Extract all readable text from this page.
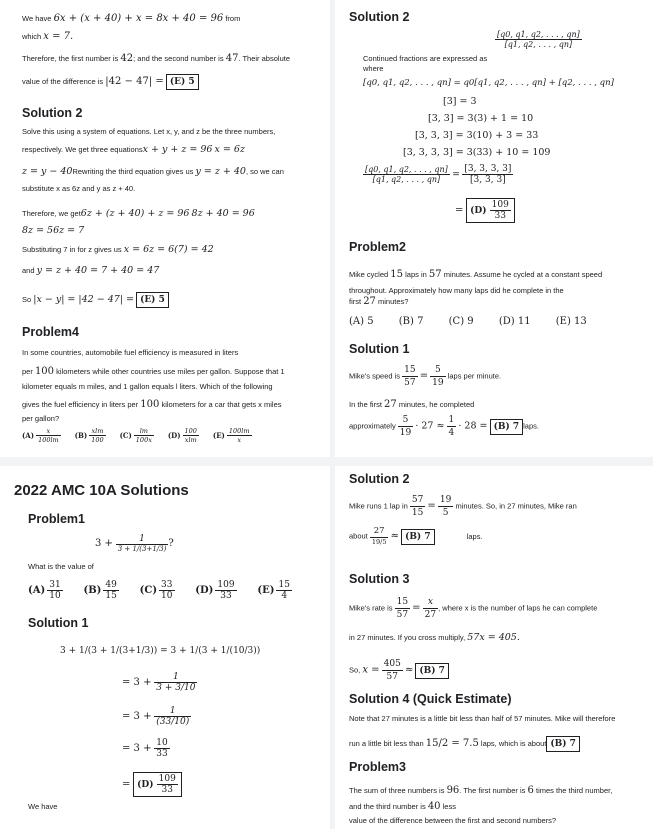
We have 6x + (x + 40) + x = 8x + 40 = 96 from
which x = 7.
Therefore, the first number is 42; and the second number is 47. Their absolute
value of the difference is |42 − 47| = (E) 5
Solution 2
Solve this using a system of equations. Let x, y, and z be the three numbers,
respectively. We get three equationsx + y + z = 96 x = 6z
z = y − 40Rewriting the third equation gives us y = z + 40, so we can
substitute x as 6z and y as z + 40.
Therefore, we get6z + (z + 40) + z = 96 8z + 40 = 96
8z = 56z = 7
Substituting 7 in for z gives us x = 6z = 6(7) = 42
and y = z + 40 = 7 + 40 = 47
So |x − y| = |42 − 47| = (E) 5
Problem4
In some countries, automobile fuel efficiency is measured in liters
per 100 kilometers while other countries use miles per gallon. Suppose that 1
kilometer equals m miles, and 1 gallon equals l liters. Which of the following
gives the fuel efficiency in liters per 100 kilometers for a car that gets x miles
per gallon?
$(A) \frac{x}{100lm} (B) \frac{\text{xlm}}{100} (C) \frac{lm}{100x} (D) \frac{100}{\text{xlm}} (E) \frac{100lm}{x}$
2022 AMC 10A Solutions
Problem1
$3 + \frac{1}{3 + 1/(3+1/3)}$ ?
What is the value of
$(A) \frac{31}{10} (B) \frac{49}{15} (C) \frac{33}{10} (D) \frac{109}{33} (E) \frac{15}{4}$
Solution 1
3 + 1/(3 + 1/(3+1/3)) = 3 + 1/(3 + 1/(10/3))
= $3 + \frac{1}{3 + 3/10}$
= $3 + \frac{1}{(33/10)}$
= $3 + \frac{10}{33}$
= $(D) \frac{109}{33}$
We have
Solution 2
$\frac{[q0, q1, q2, . . . , qn]}{[q1, q2, . . . , qn]}$
Continued fractions are expressed as
where
[q0, q1, q2, . . . , qn] = q0[q1, q2, . . . , qn] + [q2, . . . , qn]
[3] = 3
[3, 3] = 3(3) + 1 = 10
[3, 3, 3] = 3(10) + 3 = 33
[3, 3, 3, 3] = 3(33) + 10 = 109
$\frac{[q0, q1, q2, . . . , qn]}{[q1, q2, . . . , qn]} = \frac{[3, 3, 3, 3]}{[3, 3, 3]}$
= $(D) \frac{109}{33}$
Problem2
Mike cycled 15 laps in 57 minutes. Assume he cycled at a constant speed
throughout. Approximately how many laps did he complete in the
first 27 minutes?
(A) 5	(B) 7	(C) 9	(D) 11	(E) 13
Solution 1
Mike's speed is $\frac{15}{57} = \frac{5}{19}$ laps per minute.
In the first 27 minutes, he completed
approximately $\frac{5}{19} \cdot 27 \approx \frac{1}{4} \cdot 28 = (B)$ 7 laps.
Solution 2
Mike runs 1 lap in $\frac{57}{15} = \frac{19}{5}$ minutes. So, in 27 minutes, Mike ran
about $\frac{27}{19/5} \approx (B)$ 7	laps.
Solution 3
Mike's rate is $\frac{15}{57} = \frac{x}{27}$ , where x is the number of laps he can complete
in 27 minutes. If you cross multiply, 57x = 405.
So, $x = \frac{405}{57} \approx (B)$ 7
Solution 4 (Quick Estimate)
Note that 27 minutes is a little bit less than half of 57 minutes. Mike will therefore
run a little bit less than 15/2 = 7.5 laps, which is about (B) 7
Problem3
The sum of three numbers is 96. The first number is 6 times the third number,
and the third number is 40 less
value of the difference between the first and second numbers?
